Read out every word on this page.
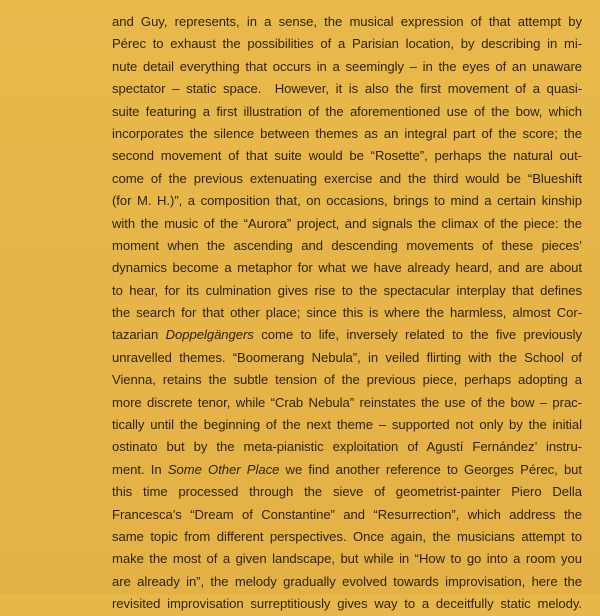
and Guy, represents, in a sense, the musical expression of that attempt by
Pérec to exhaust the possibilities of a Parisian location, by describing in mi-
nute detail everything that occurs in a seemingly – in the eyes of an unaware
spectator – static space.  However, it is also the first movement of a quasi-
suite featuring a first illustration of the aforementioned use of the bow, which
incorporates the silence between themes as an integral part of the score; the
second movement of that suite would be “Rosette”, perhaps the natural out-
come of the previous extenuating exercise and the third would be “Blueshift
(for M. H.)”, a composition that, on occasions, brings to mind a certain kinship
with the music of the “Aurora” project, and signals the climax of the piece: the
moment when the ascending and descending movements of these pieces’
dynamics become a metaphor for what we have already heard, and are about
to hear, for its culmination gives rise to the spectacular interplay that defines
the search for that other place; since this is where the harmless, almost Cor-
tazarian Doppelgängers come to life, inversely related to the five previously
unravelled themes. “Boomerang Nebula”, in veiled flirting with the School of
Vienna, retains the subtle tension of the previous piece, perhaps adopting a
more discrete tenor, while “Crab Nebula” reinstates the use of the bow – prac-
tically until the beginning of the next theme – supported not only by the initial
ostinato but by the meta-pianistic exploitation of Agustí Fernández’ instru-
ment. In Some Other Place we find another reference to Georges Pérec, but
this time processed through the sieve of geometrist-painter Piero Della
Francesca’s “Dream of Constantine” and “Resurrection”, which address the
same topic from different perspectives. Once again, the musicians attempt to
make the most of a given landscape, but while in “How to go into a room you
are already in”, the melody gradually evolved towards improvisation, here the
revisited improvisation surreptitiously gives way to a deceitfully static melody.
